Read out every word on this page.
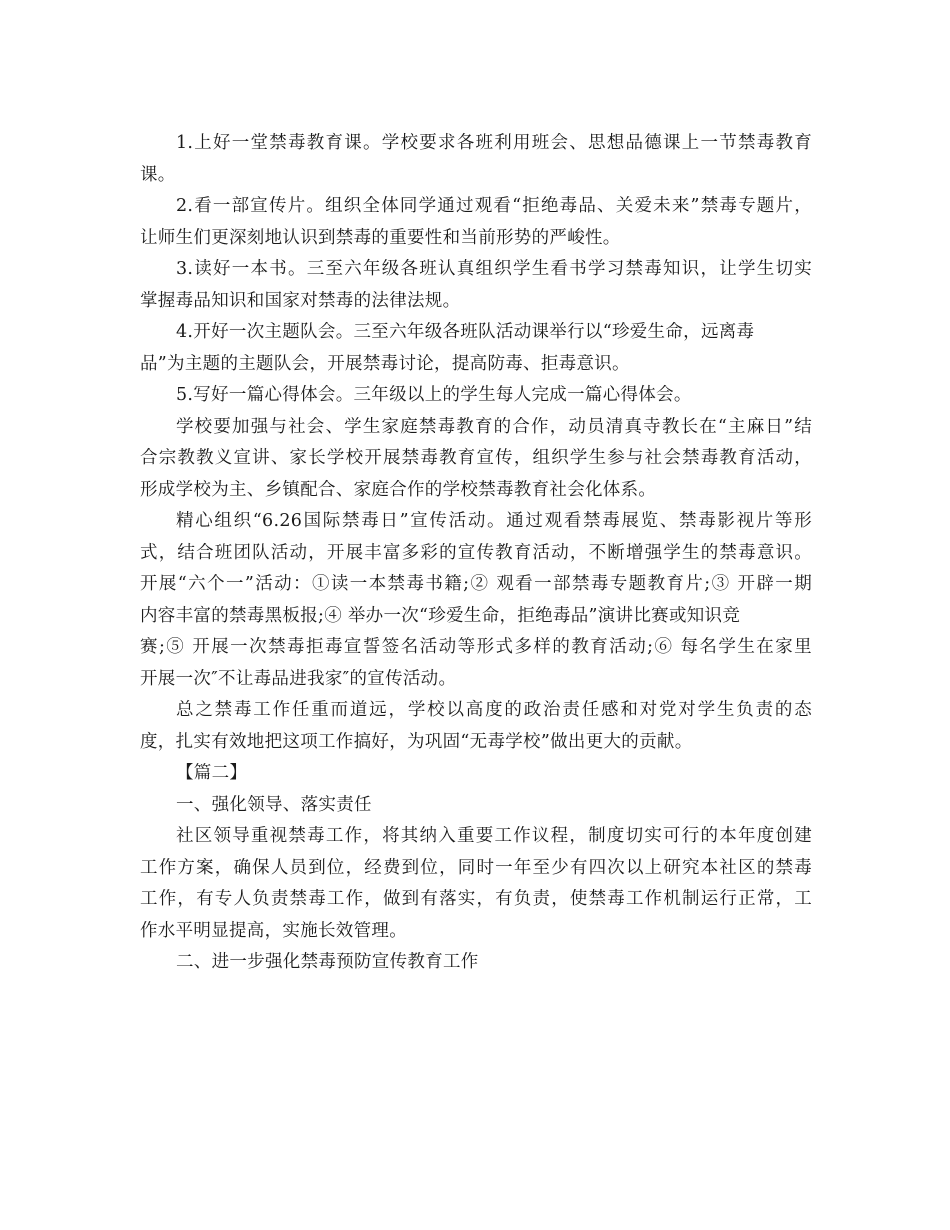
1.上好一堂禁毒教育课。学校要求各班利用班会、思想品德课上一节禁毒教育
课。
2.看一部宣传片。组织全体同学通过观看“拒绝毒品、关爱未来”禁毒专题片，
让师生们更深刻地认识到禁毒的重要性和当前形势的严峻性。
3.读好一本书。三至六年级各班认真组织学生看书学习禁毒知识，让学生切实
掌握毒品知识和国家对禁毒的法律法规。
4.开好一次主题队会。三至六年级各班队活动课举行以“珍爱生命，远离毒
品”为主题的主题队会，开展禁毒讨论，提高防毒、拒毒意识。
5.写好一篇心得体会。三年级以上的学生每人完成一篇心得体会。
学校要加强与社会、学生家庭禁毒教育的合作，动员清真寺教长在“主麻日”结
合宗教教义宣讲、家长学校开展禁毒教育宣传，组织学生参与社会禁毒教育活动，
形成学校为主、乡镇配合、家庭合作的学校禁毒教育社会化体系。
精心组织“6.26国际禁毒日”宣传活动。通过观看禁毒展览、禁毒影视片等形
式，结合班团队活动，开展丰富多彩的宣传教育活动，不断增强学生的禁毒意识。
开展“六个一”活动：①读一本禁毒书籍;② 观看一部禁毒专题教育片;③ 开辟一期
内容丰富的禁毒黑板报;④ 举办一次“珍爱生命，拒绝毒品”演讲比赛或知识竞
赛;⑤ 开展一次禁毒拒毒宣誓签名活动等形式多样的教育活动;⑥ 每名学生在家里
开展一次″不让毒品进我家″的宣传活动。
总之禁毒工作任重而道远，学校以高度的政治责任感和对党对学生负责的态
度，扎实有效地把这项工作搞好，为巩固“无毒学校”做出更大的贡献。
【篇二】
一、强化领导、落实责任
社区领导重视禁毒工作，将其纳入重要工作议程，制度切实可行的本年度创建
工作方案，确保人员到位，经费到位，同时一年至少有四次以上研究本社区的禁毒
工作，有专人负责禁毒工作，做到有落实，有负责，使禁毒工作机制运行正常，工
作水平明显提高，实施长效管理。
二、进一步强化禁毒预防宣传教育工作
